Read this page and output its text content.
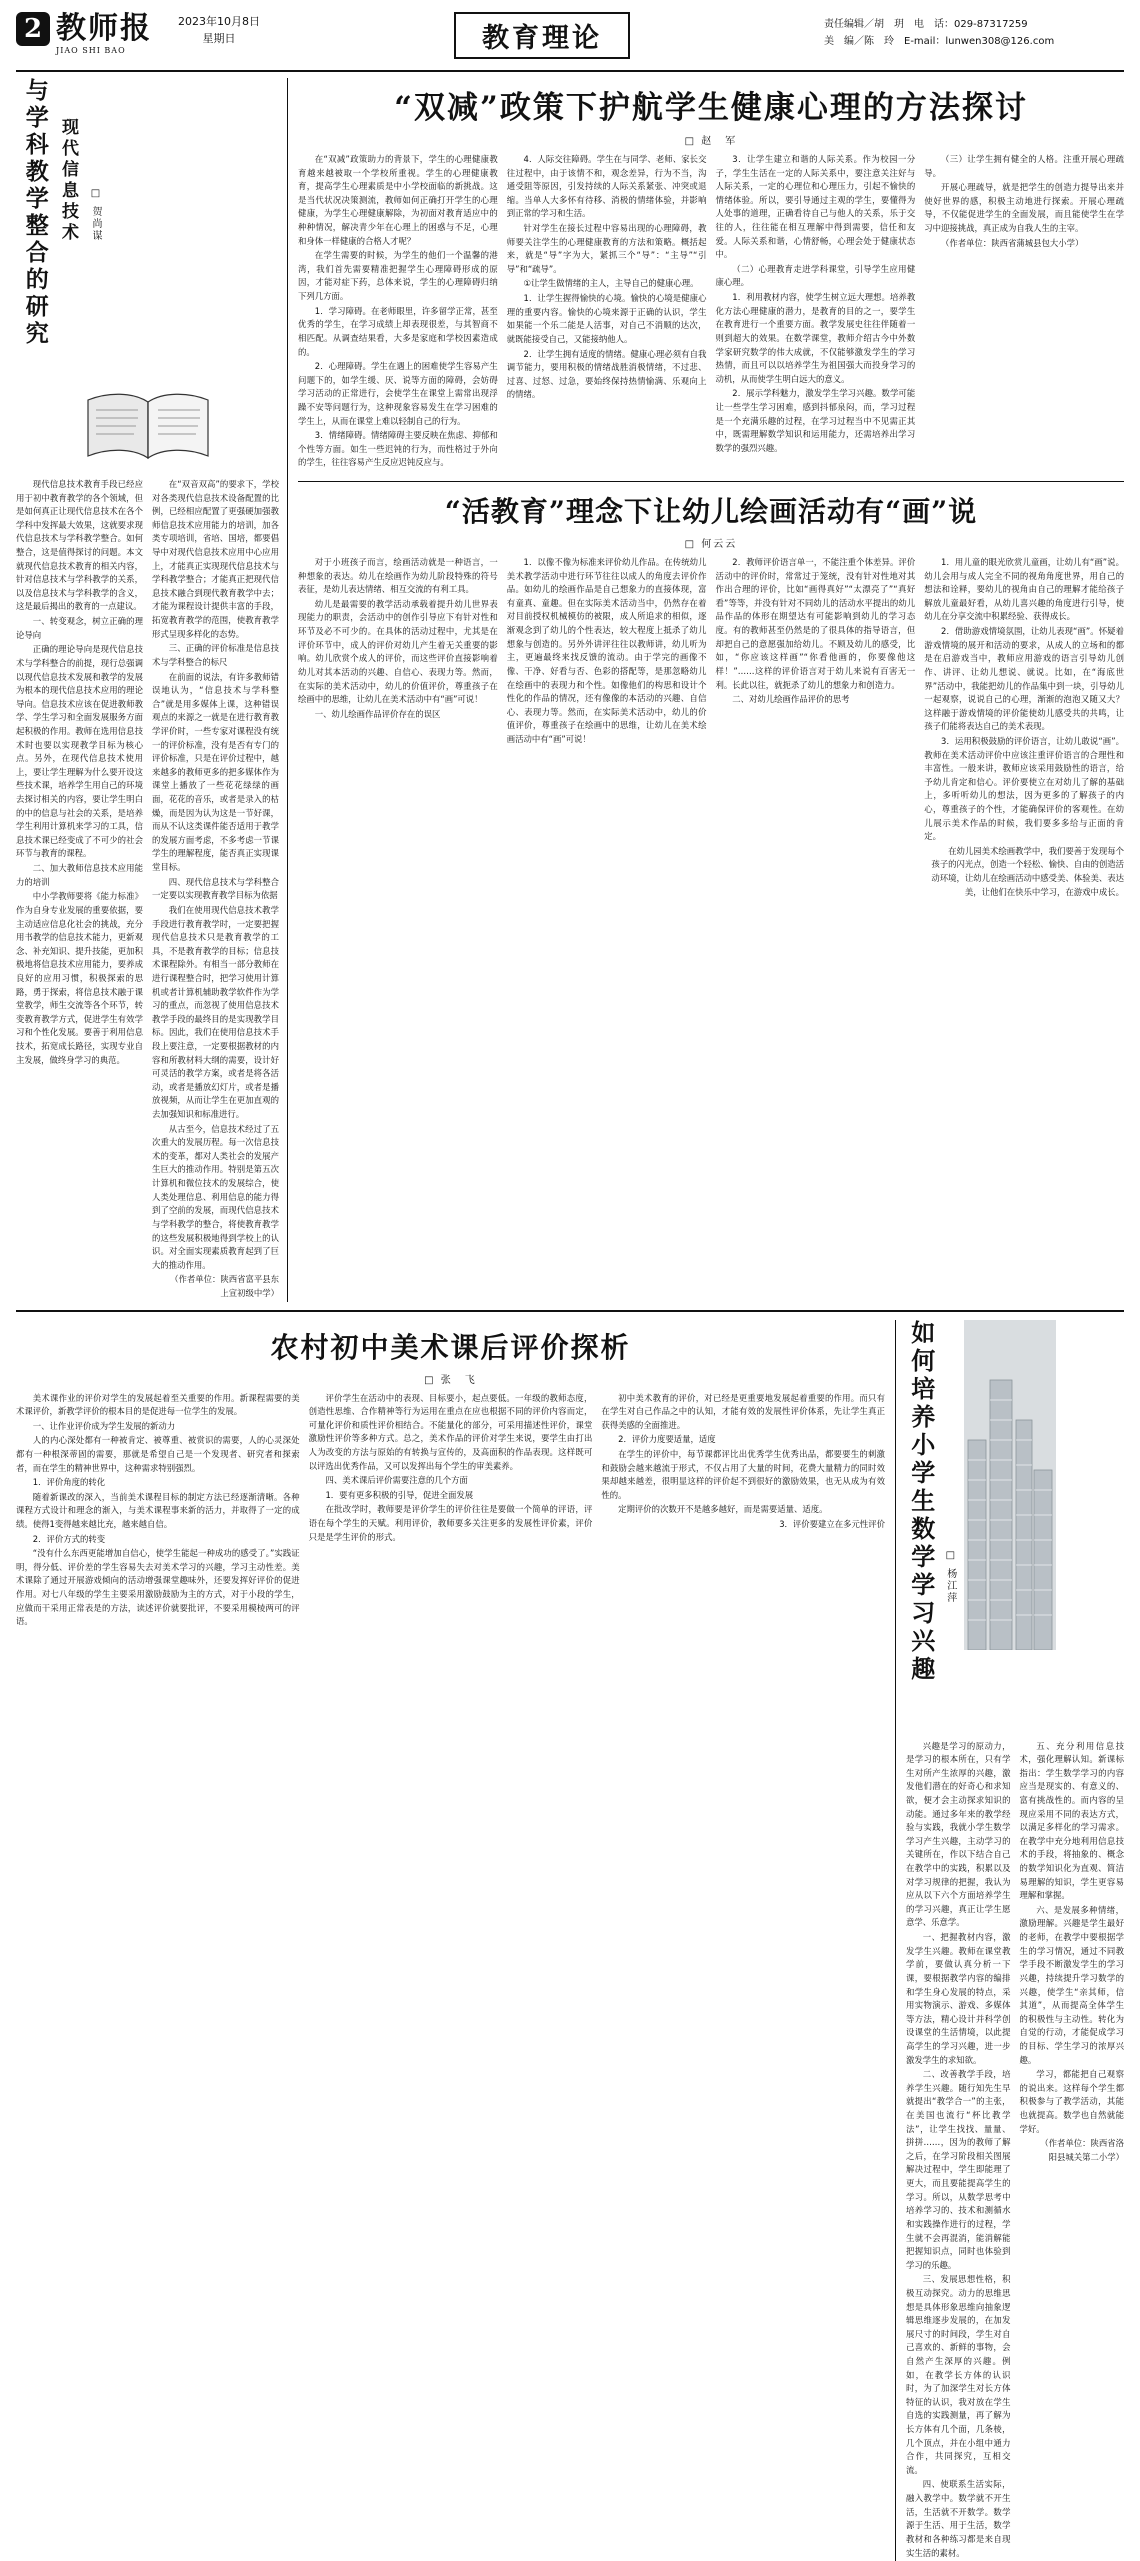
2 教师报
JIAO SHI BAO
2023年10月8日
星期日	教育理论	责任编辑／胡　玥　电　话：029-87317259
美　编／陈　玲　E-mail：lunwen308@126.com
与学科教学整合的研究 现代信息技术 □ 贺尚谋

现代信息技术教育手段已经应用于初中教育教学的各个领域，但是如何真正让现代信息技术在各个学科中发挥最大效果，这就要求现代信息技术与学科教学整合。如何整合，这是值得探讨的问题。本文就现代信息技术教育的相关内容，针对信息技术与学科教学的关系，以及信息技术与学科教学的含义，这是最后揭出的教育的一点建议。

一、转变观念，树立正确的理论导向

正确的理论导向是现代信息技术与学科整合的前提，现行总强调以现代信息技术发展和教学的发展为根本的现代信息技术应用的理论导向。信息技术应该在促进教师教学、学生学习和全面发展服务方面起积极的作用。教师在选用信息技术时也要以实现教学目标为核心点。另外，在现代信息技术使用上，要让学生理解为什么要开设这些技术课，培养学生用自己的环境去探讨相关的内容，要让学生明白的中的信息与社会的关系，是培养学生利用计算机来学习的工具，信息技术课已经变成了不可少的社会环节与教育的课程。

二、加大教师信息技术应用能力的培训

中小学教师要将《能力标准》作为自身专业发展的重要依据，要主动适应信息化社会的挑战，充分用书教学的信息技术能力，更新观念、补充知识、提升技能，更加积极地将信息技术应用能力，要养成良好的应用习惯，积极探索的思路，勇于探索，将信息技术融于课堂教学，师生交流等各个环节，转变教育教学方式，促进学生有效学习和个性化发展。要善于利用信息技术，拓宽成长路径，实现专业自主发展，做终身学习的典范。

在“双音双高”的要求下，学校对各类现代信息技术设备配置的比例，已经相应配置了更强硬加强教师信息技术应用能力的培训，加各类专项培训，省培、国培，都要倡导中对现代信息技术应用中心应用上，才能真正实现现代信息技术与学科教学整合；才能真正把现代信息技术融合到现代教育教学中去；才能为课程设计提供丰富的手段，拓宽教育教学的范围，使教育教学形式呈现多样化的态势。

三、正确的评价标准是信息技术与学科整合的标尺

在前面的说法，有许多教师错误地认为，“信息技术与学科整合”就是用多媒体上课，这种错误观点的来源之一就是在进行教育教学评价时，一些专家对课程没有统一的评价标准，没有是否有专门的评价标准，只是在评价过程中，越来越多的教师更多的把多媒体作为课堂上播放了一些花花绿绿的画面，花花的音乐，或者是录入的枯燥，而是因为认为这是一节好课，而从不认这类课件能否适用于教学的发展方面考虑，不多考虑一节课学生的理解程度，能否真正实现课堂目标。

四、现代信息技术与学科整合一定要以实现教育教学目标为依据

我们在使用现代信息技术教学手段进行教育教学时，一定要把握现代信息技术只是教育教学的工具，不是教育教学的目标；信息技术课程除外。有相当一部分教师在进行课程整合时，把学习使用计算机或者计算机辅助教学软件作为学习的重点，而忽视了使用信息技术教学手段的最终目的是实现教学目标。因此，我们在使用信息技术手段上要注意，一定要根据教材的内容和所教材料大纲的需要，设计好可灵活的教学方案，或者是将各活动，或者是播放幻灯片，或者是播放视频，从而让学生在更加直观的去加强知识和标准进行。

从古至今，信息技术经过了五次重大的发展历程。每一次信息技术的变革，都对人类社会的发展产生巨大的推动作用。特别是第五次计算机和微位技术的发展综合，使人类处理信息、利用信息的能力得到了空前的发展，而现代信息技术与学科教学的整合，将使教育教学的这些发展积极地得到学校上的认识。对全面实现素质教育起到了巨大的推动作用。

（作者单位：陕西省富平县东上宣初级中学）

“双减”政策下护航学生健康心理的方法探讨
□ 赵　军

在“双减”政策助力的背景下，学生的心理健康教育越来越被取一个学校所重视。学生的心理健康教育，提高学生心理素质是中小学校面临的新挑战。这是当代状况决策测流，教师如何正确打开学生的心理健康，为学生心理健康解除，为初面对教育适应中的种种情况，解决青少年在心理上的困惑与不足，心理和身体一样健康的合格人才呢？

在学生需要的时候，为学生的他们一个温馨的港湾，我们首先需要精准把握学生心理障碍形成的原因，才能对症下药，总体来说，学生的心理障碍归纳下列几方面。

1．学习障碍。在老师眼里，许多留学正常，甚至优秀的学生，在学习成绩上却表现很差，与其智商不相匹配。从调查结果看，大多是家庭和学校因素造成的。

2．心理障碍。学生在遇上的困难使学生容易产生问题下的，如学生缓、厌、说等方面的障碍，会妨碍学习活动的正常进行，会使学生在课堂上需常出现浮躁不安等问题行为，这种现象容易发生在学习困难的学生上，从而在课堂上难以轻制自己的行为。

3．情绪障碍。情绪障碍主要反映在焦虑、抑郁和个性等方面。如生一些迟钝的行为，而性格过于外向的学生，往往容易产生反应迟钝反应与。

4．人际交往障碍。学生在与同学、老师、家长交往过程中，由于该情不和，观念差异，行为不当，沟通受阻等原因，引发持续的人际关系紧张、冲突或退缩。当单人大多怀有待移、消极的情绪体验，并影响到正常的学习和生活。

针对学生在接长过程中容易出现的心理障碍，教师要关注学生的心理健康教育的方法和策略。概括起来，就是“导”字为大，紧抓三个“导”：“主导”“引导”和“疏导”。

①让学生做情绪的主人，主导自己的健康心理。

1．让学生握得愉快的心境。愉快的心境是健康心理的重要内容。愉快的心境来源于正确的认识，学生如果能一个乐二能是人活事，对自己不消顺的达次，就既能接受自己，又能接纳他人。

2．让学生拥有适度的情绪。健康心理必须有自我调节能力，要用积极的情绪战胜消极情绪，不过悲、过喜、过怒、过急，要始终保持热情愉满、乐观向上的情绪。

3．让学生建立和谐的人际关系。作为校园一分子，学生生活在一定的人际关系中，要注意关注好与人际关系，一定的心理位和心理压力，引起不愉快的情绪体验。所以，要引导通过主观的学生，要懂得为人处事的道理，正确看待自己与他人的关系，乐于交往的人，往往能在相互理解中得到需要，信任和友爱。人际关系和谐，心情舒畅，心理会处于健康状态中。

（二）心理教育走进学科课堂，引导学生应用健康心理。

1．利用教材内容，使学生树立远大理想。培养教化方法心理健康的潜力，是教育的目的之一，要学生在教育进行一个重要方面。教学发展史往往伴随着一则到超大的效果。在数学课堂，教师介绍古今中外数学家研究数学的伟大成就，不仅能够激发学生的学习热情，而且可以以培养学生为祖国强大而投身学习的动机，从而使学生明白远大的意义。

2．展示学科魅力，激发学生学习兴趣。数学可能让一些学生学习困难，感到抖郁泉闷，而，学习过程是一个充满乐趣的过程，在学习过程当中不见需正其中，既需理解数学知识和运用能力，还需培养出学习数学的强烈兴趣。

（三）让学生拥有健全的人格。注重开展心理疏导。

开展心理疏导，就是把学生的创造力提导出来并使好世界的感，积极主动地进行探索。开展心理疏导，不仅能促进学生的全面发展，而且能使学生在学习中迎接挑战，真正成为自我人生的主宰。

（作者单位：陕西省蒲城县包大小学）

“活教育”理念下让幼儿绘画活动有“画”说
□ 何云云

对于小班孩子而言，绘画活动就是一种语言，一种想象的表达。幼儿在绘画作为幼儿阶段特殊的符号表征，是幼儿表达情绪、相互交流的有利工具。

幼儿是最需要的教学活动承载着提升幼儿世界表现能力的职责，会活动中的创作引导应下有针对性和环节及必不可少的。在具体的活动过程中，尤其是在评价环节中，成人的评价对幼儿产生着无关重要的影响。幼儿欣赏个成人的评价，而这些评价直接影响着幼儿对其本活动的兴趣、自信心、表现力等。然而，在实际的美术活动中，幼儿的价值评价，尊重孩子在绘画中的思维，让幼儿在美术活动中有“画”可说！

一、幼儿绘画作品评价存在的误区

1．以像不像为标准来评价幼儿作品。在传统幼儿美术教学活动中进行环节往往以成人的角度去评价作品。如幼儿的绘画作品是自己想象力的直接体现，富有童真、童趣。但在实际美术活动当中，仍然存在着对目前授权机械模仿的被限，成人所追求的相似，逐渐观念到了幼儿的个性表达，较大程度上抵杀了幼儿想象与创造的。另外外讲评往往以教师讲，幼儿听为主，更遍最终来找反馈的流动。由于学完的画像不像、干净、好看与否、色彩的搭配等，是那忽略幼儿在绘画中的表现力和个性。如像他们的构思和设计个性化的作品的情况，还有像像的本活动的兴趣、自信心、表现力等。然而，在实际美术活动中，幼儿的价值评价，尊重孩子在绘画中的思维，让幼儿在美术绘画活动中有“画”可说！

2．教师评价语言单一，不能注重个体差异。评价活动中的评价时，常常过于笼统，没有针对性地对其作出合理的评价，比如“画得真好”“太漂亮了”“真好看”等等，并没有针对不同幼儿的活动水平提出的幼儿品作品的体形在期望达有可能影响到幼儿的学习态度。有的教师甚至仍然是的了很具体的指导语言，但却把自己的意愿强加给幼儿。不顾及幼儿的感受，比如，“你应该这样画”“你看他画的，你要像他这样！”……这样的评价语言对于幼儿来说有百害无一利。长此以往，就扼杀了幼儿的想象力和创造力。

二、对幼儿绘画作品评价的思考

1．用儿童的眼光欣赏儿童画，让幼儿有“画”说。幼儿会用与成人完全不同的视角角度世界，用自己的想法和诠释，要幼儿的视角由自己的理解才能给孩子解放儿童最好看，从幼儿喜兴趣的角度进行引导，使幼儿在分享交流中积累经验、获得成长。

2．借助游戏情境氛围，让幼儿表现“画”。怀疑着游戏情境的展开和活动的要求，从成人的立场和的都是在启游戏当中，教师应用游戏的语言引导幼儿创作、讲评、让幼儿想说、就说。比如，在“海底世界”活动中，我能把幼儿的作品集中到一块，引导幼儿一起观察，说说自己的心理，渐渐的泡泡又随又大？这样融于游戏情境的评价能使幼儿感受共的共鸣，让孩子们能将表达自己的美术表现。

3．运用积极鼓励的评价语言，让幼儿敢说“画”。教师在美术活动评价中应该注重评价语言的合理性和丰富性。一般来讲，教师应该采用鼓励性的语言，给予幼儿肯定和信心。评价要使立在对幼儿了解的基础上，多听听幼儿的想法，因为更多的了解孩子的内心，尊重孩子的个性，才能确保评价的客观性。在幼儿展示美术作品的时候，我们要多多给与正面的肯定。

在幼儿园美术绘画教学中，我们要善于发现每个孩子的闪光点，创造一个轻松、愉快、自由的创造活动环境，让幼儿在绘画活动中感受美、体验美、表达美，让他们在快乐中学习，在游戏中成长。

农村初中美术课后评价探析
□ 张　飞

美术课作业的评价对学生的发展起着至关重要的作用。新课程需要的美术课评价，新教学评价的根本目的是促进每一位学生的发展。

一、让作业评价成为学生发展的新动力

人的内心深处都有一种被肯定、被尊重、被赏识的需要，人的心灵深处都有一种根深蒂固的需要，那就是希望自己是一个发现者、研究者和探索者，而在学生的精神世界中，这种需求特别强烈。

1．评价角度的转化

随着新课改的深入，当前美术课程目标的制定方法已经逐渐清晰。各种课程方式设计和理念的渐入，与美术课程事来新的活力，并取得了一定的成绩。使得1变得越来越比充，越来越自信。

2．评价方式的转变

“没有什么东西更能增加自信心，使学生能起一种成功的感受了。”实践证明，得分低、评价差的学生容易失去对美术学习的兴趣，学习主动性差。美术课除了通过开展游戏倾向的活动增强课堂趣味外，还要发挥好评价的促进作用。对七八年级的学生主要采用激励鼓励为主的方式，对于小段的学生，应做而干采用正常表是的方法，读述评价就要批评，不要采用模棱两可的评语。

评价学生在活动中的表现、目标要小，起点要低。一年级的教师态度，创造性思维、合作精神等行为运用在重点在应也根据不同的评价内容而定，可量化评价和质性评价相结合。不能量化的部分，可采用描述性评价，课堂激励性评价等多种方式。总之，美术作品的评价对学生来说，要学生由打出人为改变的方法与原始的有转换与宣传的，及高面积的作品表现。这样既可以评选出优秀作品，又可以发挥出每个学生的审美素养。

四、美术课后评价需要注意的几个方面

1．要有更多积极的引导，促进全面发展

在批改学时，教师要是评价学生的评价往往是要做一个简单的评语，评语在每个学生的天赋。利用评价，教师要多关注更多的发展性评价素，评价只是是学生评价的形式。

初中美术教育的评价，对已经是更重要地发展起着重要的作用。而只有在学生对自己作品之中的认知，才能有效的发展性评价体系，先让学生真正获得美感的全面推进。

2．评价力度要适量，适度

在学生的评价中，每节课都评比出优秀学生优秀出品，都要要生的刺激和鼓励会越来越流于形式，不仅占用了大量的时间，花费大量精力的同时效果却越来越差，很明显这样的评价起不到很好的激励效果，也无从成为有效性的。

定期评价的次数开不是越多越好，而是需要适量、适度。

3．评价要建立在多元性评价 如何培养小学生数学学习兴趣 □ 杨江萍

兴趣是学习的原动力，是学习的根本所在，只有学生对所产生浓厚的兴趣，激发他们潜在的好奇心和求知欲，便才会主动探求知识的动能。通过多年来的教学经验与实践，我就小学生数学学习产生兴趣，主动学习的关键所在，作以下结合自己在教学中的实践，积累以及对学习规律的把握，我认为应从以下六个方面培养学生的学习兴趣，真正让学生愿意学、乐意学。

一、把握教材内容，激发学生兴趣。教师在课堂教学前，要做认真分析一下课，要根据教学内容的编排和学生身心发展的特点，采用实物演示、游戏、多媒体等方法，精心设计并科学创设课堂的生活情境，以此提高学生的学习兴趣，进一步激发学生的求知欲。

二、改善教学手段，培养学生兴趣。随行知先生早就提出“教学合一”的主张，在美国也流行“杯比教学法”，让学生找找、量量、拼拼……，因为的教师了解之后，在学习阶段相关图展解决过程中，学生即能理了更大，而且要能提高学生的学习。所以，从数学思考中培养学习的、技术和测循水和实践操作进行的过程，学生就不会再混消，能消解能把握知识点，同时也体验到学习的乐趣。

三、发展思想性格，积极互动探究。动力的思维思想是具体形象思维向抽象逻辑思维逐步发展的，在加发展尺寸的时间段，学生对自己喜欢的、新鲜的事物，会自然产生深厚的兴趣。例如，在教学长方体的认识时，为了加深学生对长方体特征的认识，我对放在学生自选的实践测量，再了解为长方体有几个面，几条棱，几个顶点，并在小组中通力合作，共同探究，互相交流。

四、使联系生活实际，融入教学中。数学就不开生活，生活就不开数学。数学源于生活、用于生活，数学教材和各种练习都是来自现实生活的素材。

五、充分利用信息技术，强化理解认知。新课标指出：学生数学学习的内容应当是现实的、有意义的、富有挑战性的。而内容的呈现应采用不同的表达方式，以满足多样化的学习需求。在教学中充分地利用信息技术的手段，将抽象的、概念的数学知识化为直观、简洁易理解的知识，学生更容易理解和掌握。

六、是发展多种情绪，激励理解。兴趣是学生最好的老师，在教学中要根据学生的学习情况，通过不同教学手段不断激发学生的学习兴趣，持续提升学习数学的兴趣，使学生“亲其师，信其道”，从而提高全体学生的积极性与主动性。转化为自觉的行动，才能促成学习的目标、学生学习的浓厚兴趣。

学习，都能把自己观察的说出来。这样每个学生都积极参与了教学活动，其能也就提高。数学也自然就能学好。

（作者单位：陕西省洛阳县城关第二小学）
